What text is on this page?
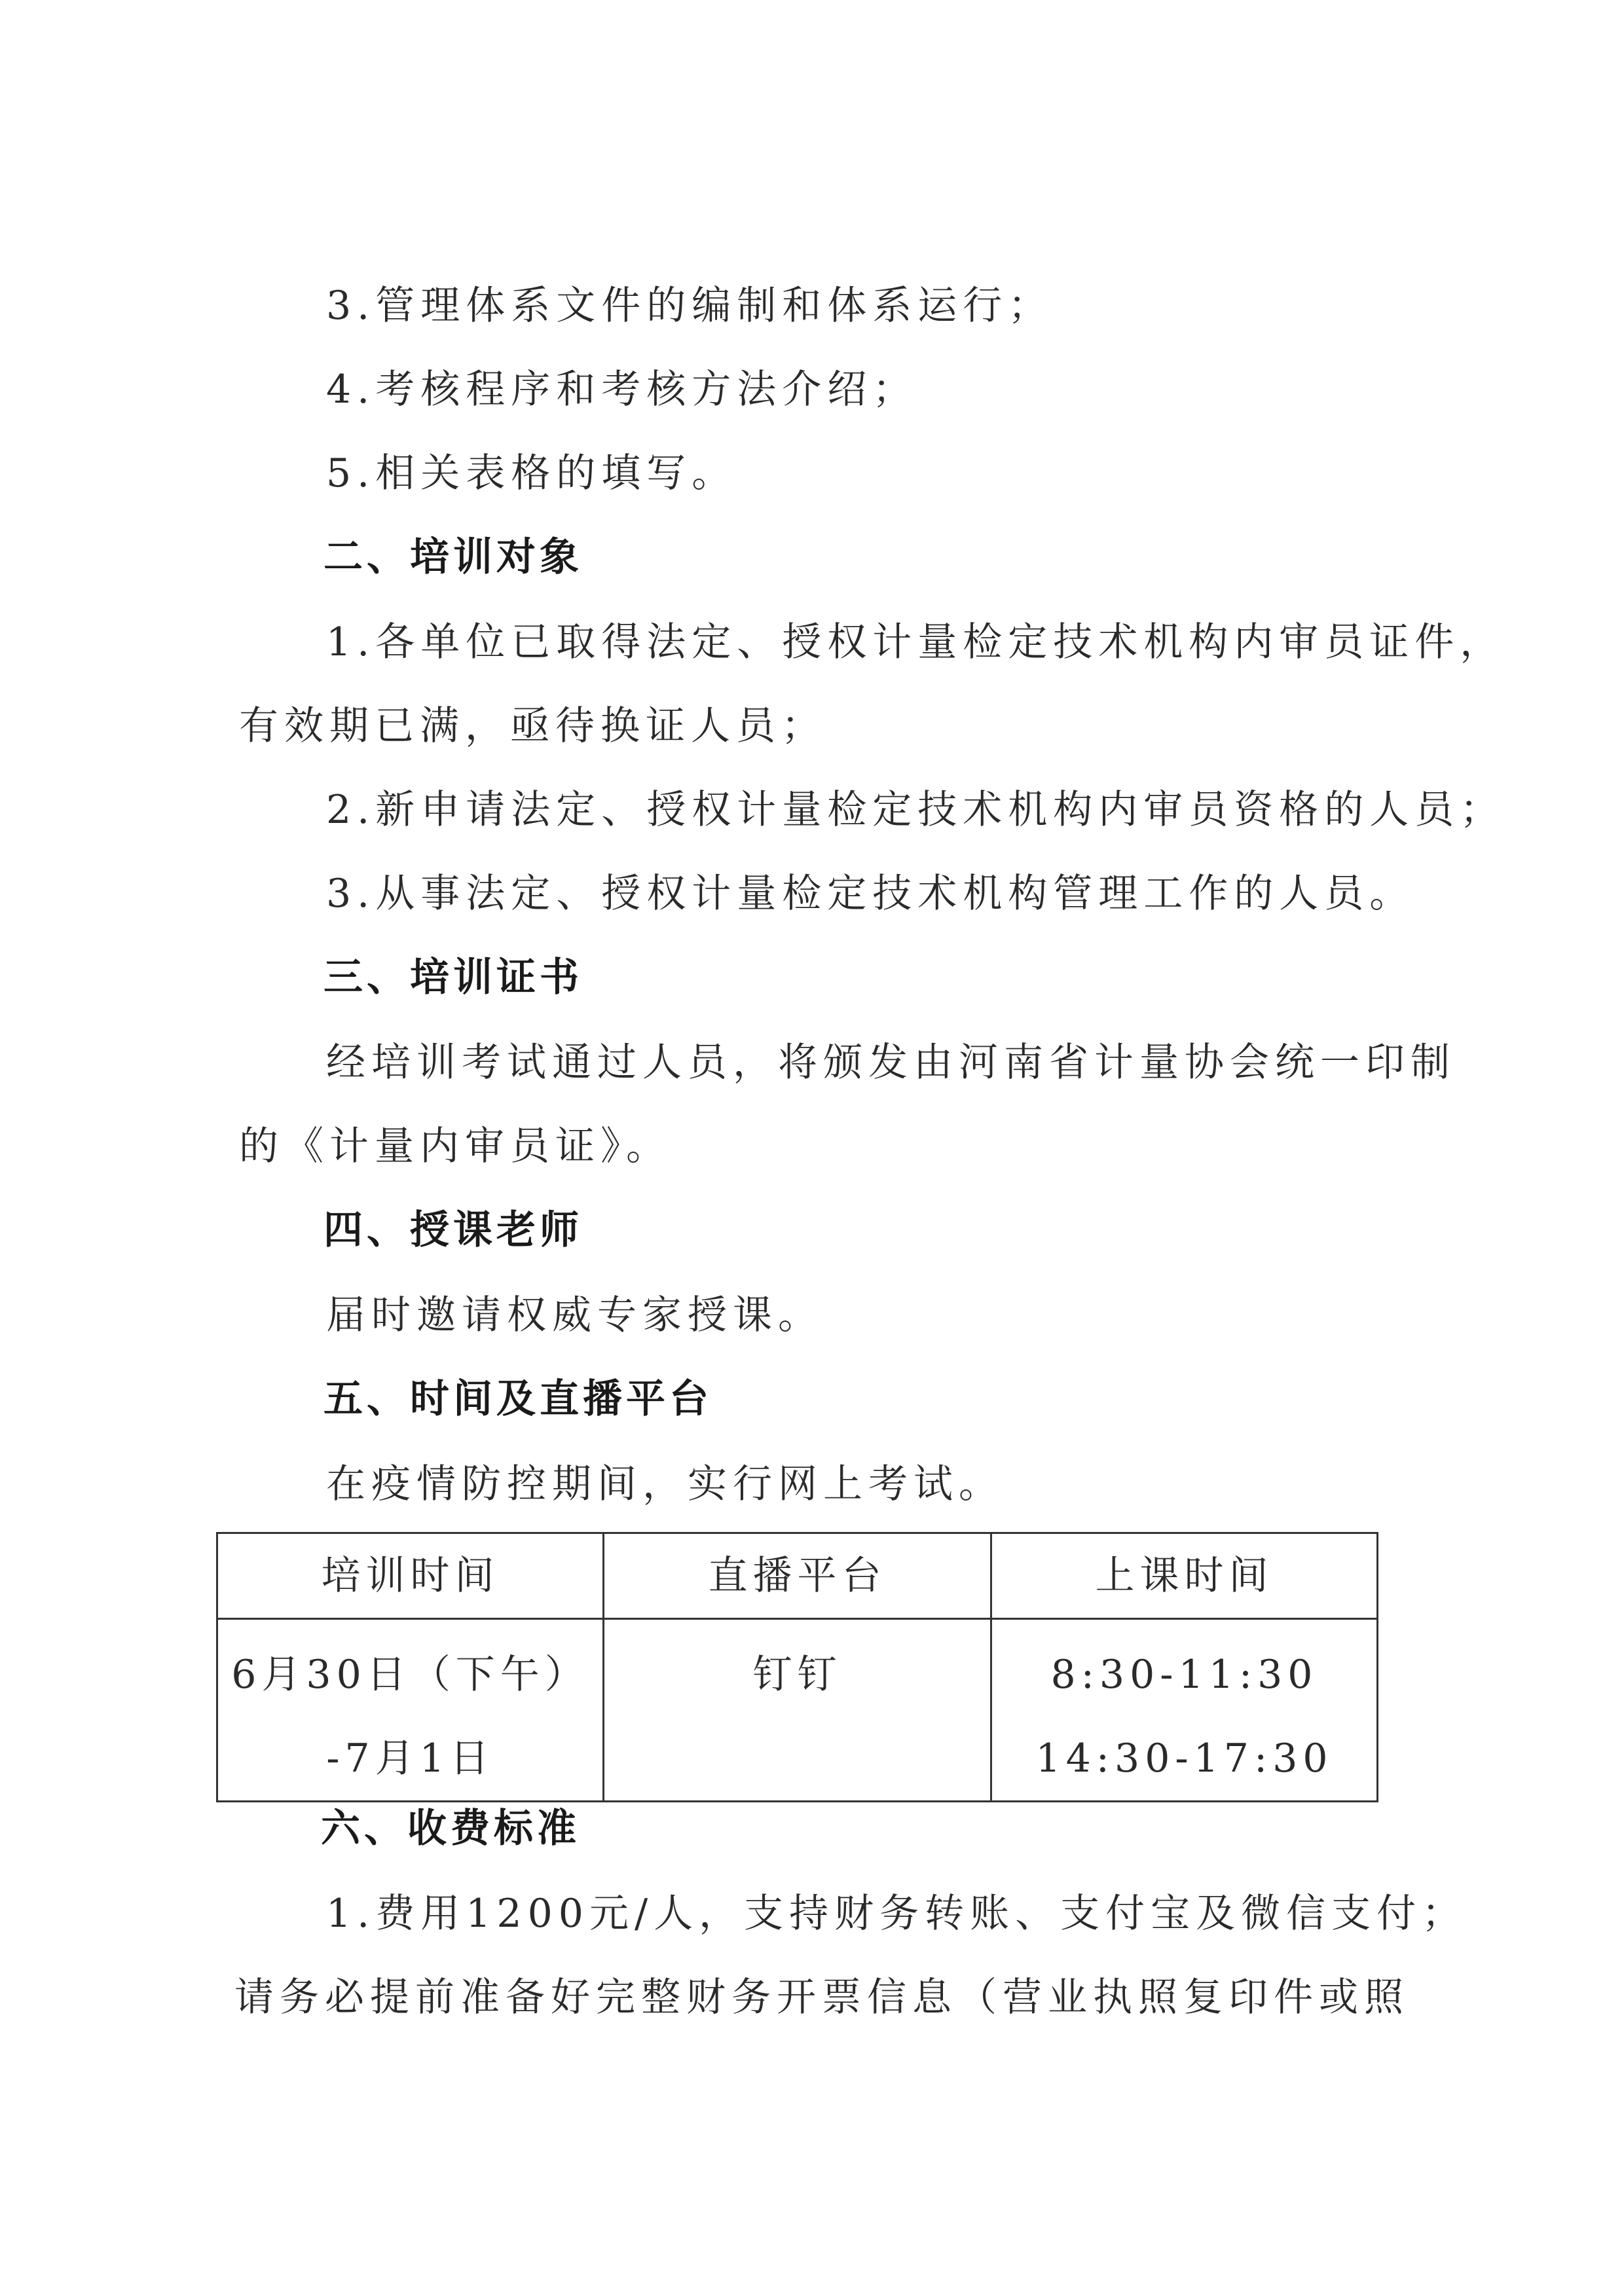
3.管理体系文件的编制和体系运行；
4.考核程序和考核方法介绍；
5.相关表格的填写。
二、培训对象
1.各单位已取得法定、授权计量检定技术机构内审员证件，
有效期已满，亟待换证人员；
2.新申请法定、授权计量检定技术机构内审员资格的人员；
3.从事法定、授权计量检定技术机构管理工作的人员。
三、培训证书
经培训考试通过人员，将颁发由河南省计量协会统一印制
的《计量内审员证》。
四、授课老师
届时邀请权威专家授课。
五、时间及直播平台
在疫情防控期间，实行网上考试。
培训时间	直播平台	上课时间

6月30日（下午）
-7月1日	钉钉	8:30-11:30
14:30-17:30
六、收费标准
1.费用1200元/人，支持财务转账、支付宝及微信支付；
请务必提前准备好完整财务开票信息（营业执照复印件或照
